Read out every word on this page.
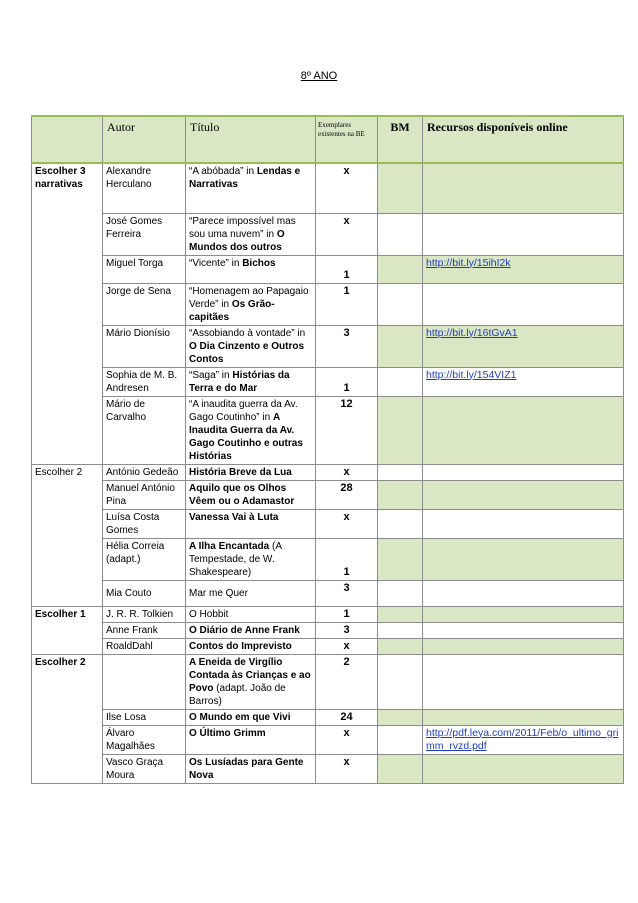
8º ANO
	Autor	Título	Exemplares existentes na BE	BM	Recursos disponíveis online
Escolher 3 narrativas	Alexandre Herculano	“A abóbada” in Lendas e Narrativas	x		
	José Gomes Ferreira	“Parece impossível mas sou uma nuvem” in O Mundos dos outros	x		
	Miguel Torga	“Vicente” in Bichos	1		http://bit.ly/15ihI2k
	Jorge de Sena	“Homenagem ao Papagaio Verde” in Os Grão-capitães	1		
	Mário Dionísio	“Assobiando à vontade” in O Dia Cinzento e Outros Contos	3		http://bit.ly/16tGvA1
	Sophia de M. B. Andresen	“Saga” in Histórias da Terra e do Mar	1		http://bit.ly/154VIZ1
	Mário de Carvalho	“A inaudita guerra da Av. Gago Coutinho” in A Inaudita Guerra da Av. Gago Coutinho e outras Histórias	12		
Escolher 2	António Gedeão	História Breve da Lua	x		
	Manuel António Pina	Aquilo que os Olhos Vêem ou o Adamastor	28		
	Luísa Costa Gomes	Vanessa Vai à Luta	x		
	Hélia Correia (adapt.)	A Ilha Encantada (A Tempestade, de W. Shakespeare)	1		
	Mia Couto	Mar me Quer	3		
Escolher 1	J. R. R. Tolkien	O Hobbit	1		
	Anne Frank	O Diário de Anne Frank	3		
	RoaldDahl	Contos do Imprevisto	x		
Escolher 2		A Eneida de Virgílio Contada às Crianças e ao Povo (adapt. João de Barros)	2		
	Ilse Losa	O Mundo em que Vivi	24		
	Álvaro Magalhães	O Último Grimm	x		http://pdf.leya.com/2011/Feb/o_ultimo_grimm_rvzd.pdf
	Vasco Graça Moura	Os Lusíadas para Gente Nova	x		
